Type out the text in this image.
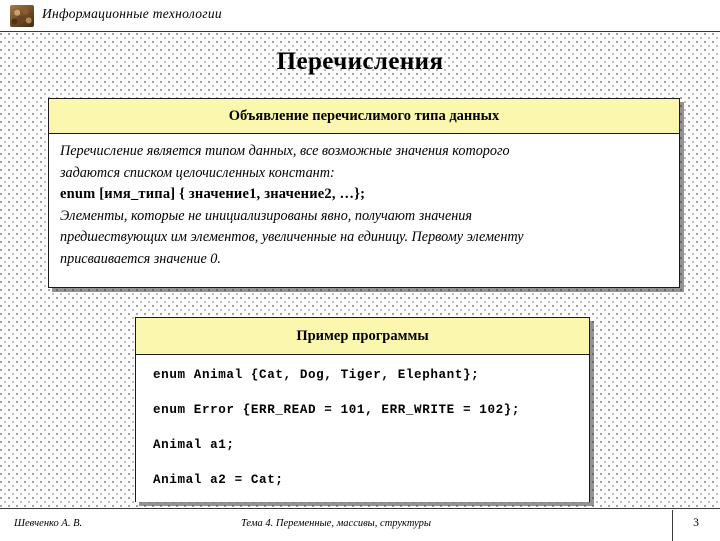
Информационные технологии
Перечисления
Объявление перечислимого типа данных
Перечисление является типом данных, все возможные значения которого
задаются списком целочисленных констант:
enum [имя_типа] { значение1, значение2, …};
Элементы, которые не инициализированы явно, получают значения
предшествующих им элементов, увеличенные на единицу. Первому элементу
присваивается значение 0.
Пример программы
enum Animal {Cat, Dog, Tiger, Elephant};
enum Error {ERR_READ = 101, ERR_WRITE = 102};
Animal a1;
Animal a2 = Cat;
Шевченко А. В.	Тема 4. Переменные, массивы, структуры	3
